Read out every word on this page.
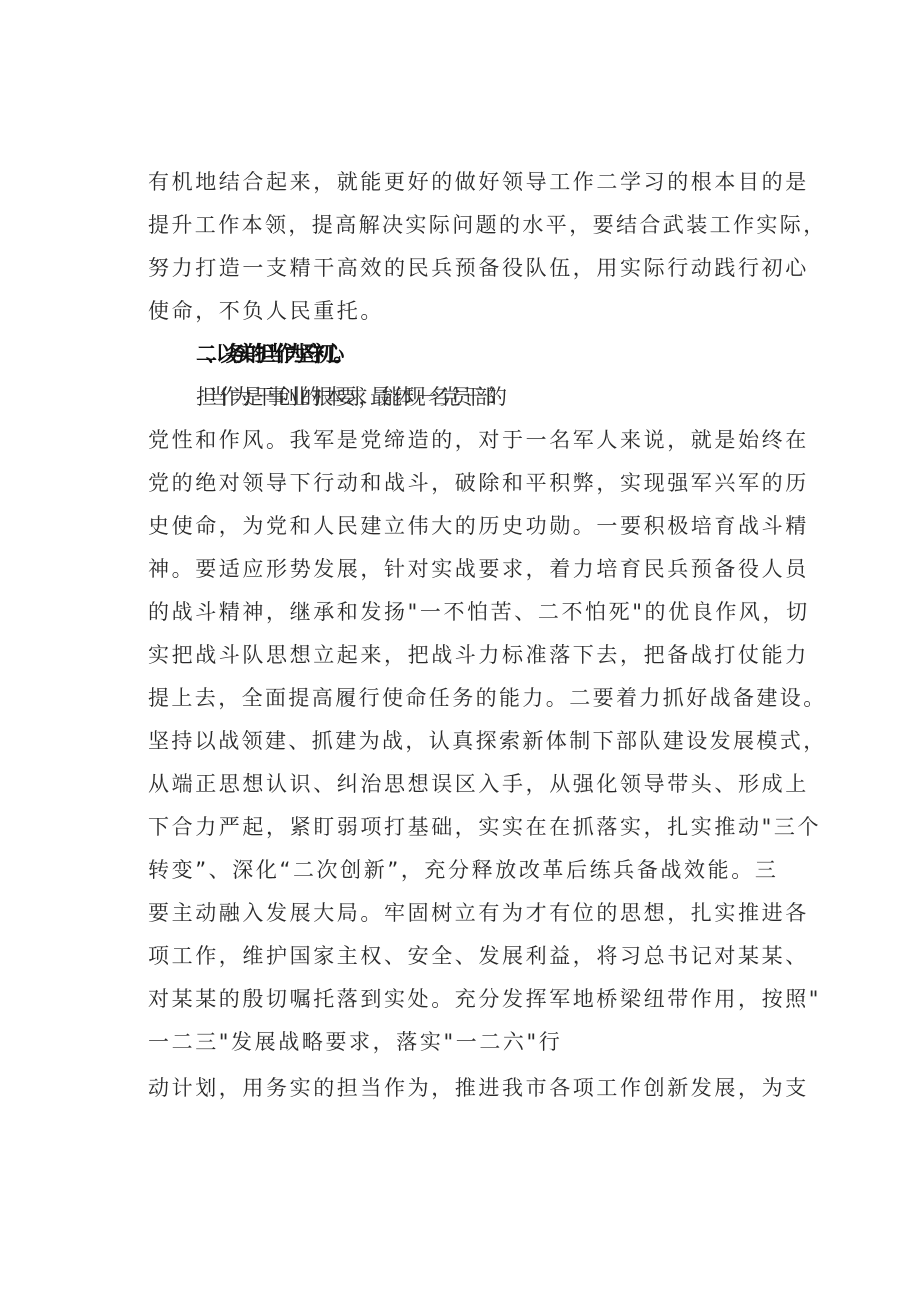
有机地结合起来，就能更好的做好领导工作二学习的根本目的是
提升工作本领，提高解决实际问题的水平，要结合武装工作实际，
努力打造一支精干高效的民兵预备役队伍，用实际行动践行初心
使命，不负人民重托。
二、以务实的担当作为坚守初心。
担当作为是干事创业的根本要求，最能体现一名党员干部的
党性和作风。我军是党缔造的，对于一名军人来说，就是始终在
党的绝对领导下行动和战斗，破除和平积弊，实现强军兴军的历
史使命，为党和人民建立伟大的历史功勋。一要积极培育战斗精
神。要适应形势发展，针对实战要求，着力培育民兵预备役人员
的战斗精神，继承和发扬"一不怕苦、二不怕死"的优良作风，切
实把战斗队思想立起来，把战斗力标准落下去，把备战打仗能力
提上去，全面提高履行使命任务的能力。二要着力抓好战备建设。
坚持以战领建、抓建为战，认真探索新体制下部队建设发展模式，
从端正思想认识、纠治思想误区入手，从强化领导带头、形成上
下合力严起，紧盯弱项打基础，实实在在抓落实，扎实推动"三个
转变”、深化“二次创新”，充分释放改革后练兵备战效能。三
要主动融入发展大局。牢固树立有为才有位的思想，扎实推进各
项工作，维护国家主权、安全、发展利益，将习总书记对某某、
对某某的殷切嘱托落到实处。充分发挥军地桥梁纽带作用，按照"
一二三"发展战略要求，落实"一二六"行
动计划，用务实的担当作为，推进我市各项工作创新发展，为支
